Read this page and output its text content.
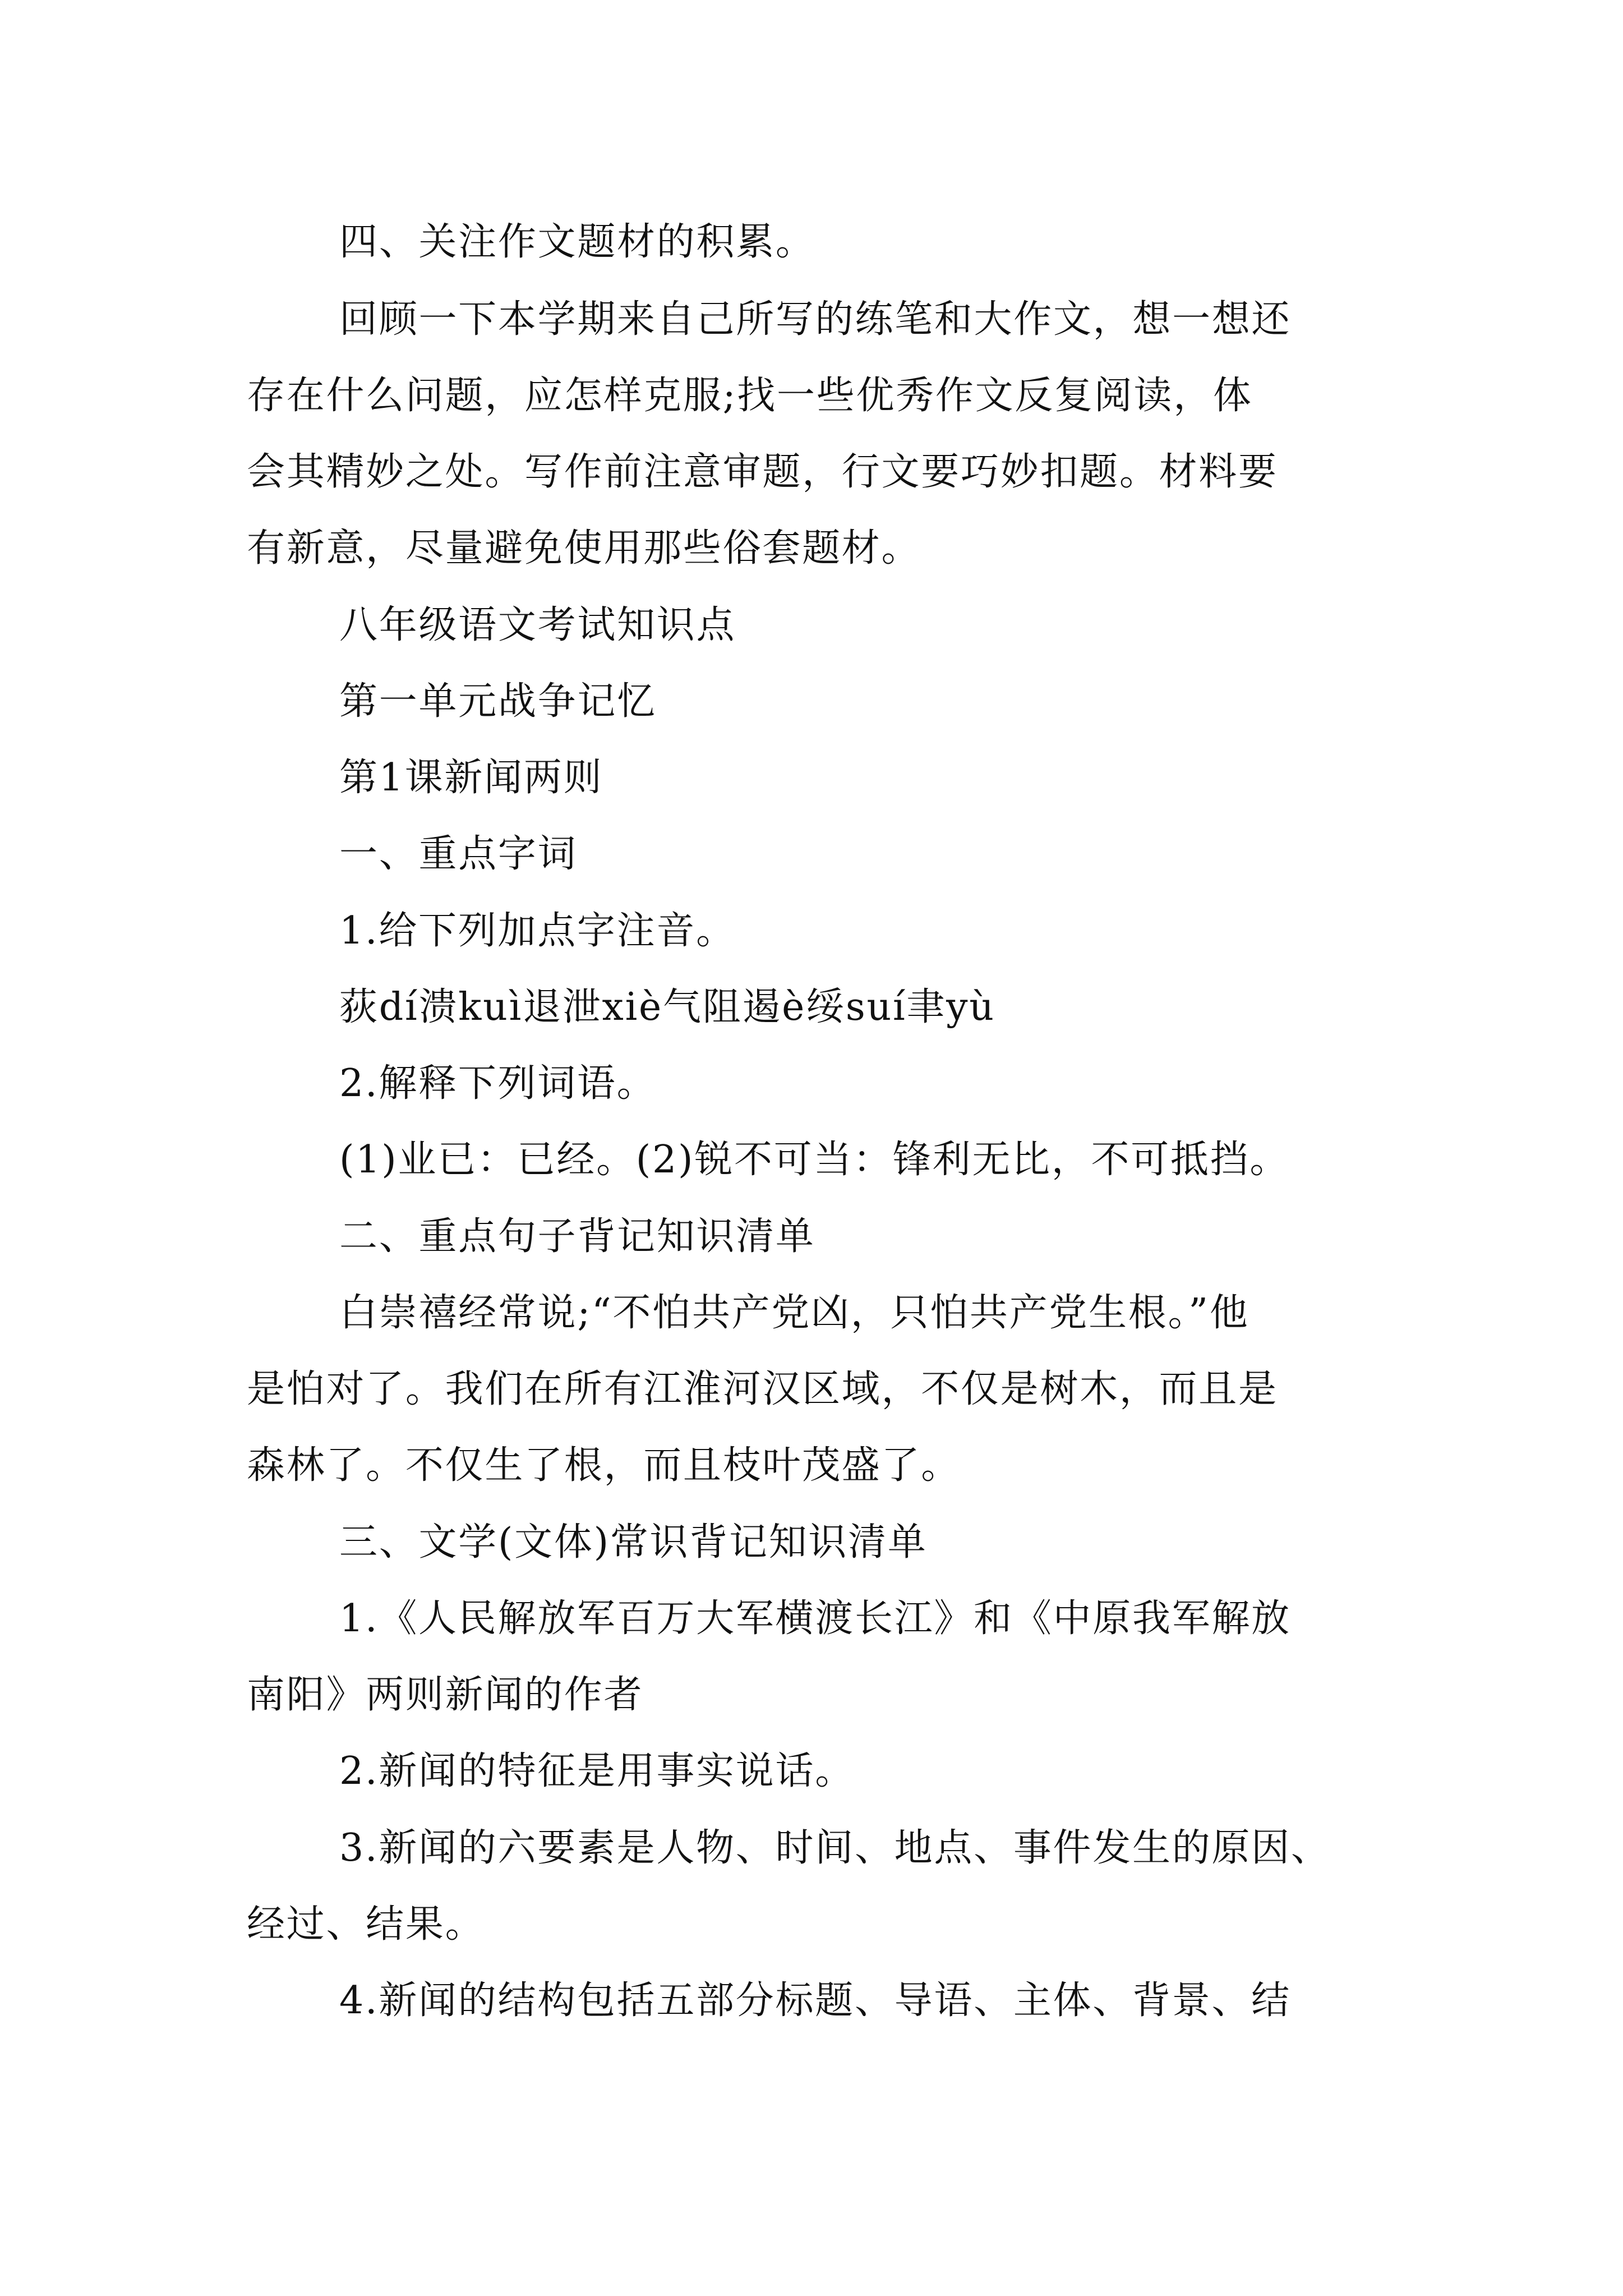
四、关注作文题材的积累。
回顾一下本学期来自己所写的练笔和大作文，想一想还
存在什么问题，应怎样克服;找一些优秀作文反复阅读，体
会其精妙之处。写作前注意审题，行文要巧妙扣题。材料要
有新意，尽量避免使用那些俗套题材。
八年级语文考试知识点
第一单元战争记忆
第1课新闻两则
一、重点字词
1.给下列加点字注音。
荻dí溃kuì退泄xiè气阻遏è绥suí聿yù
2.解释下列词语。
(1)业已：已经。(2)锐不可当：锋利无比，不可抵挡。
二、重点句子背记知识清单
白崇禧经常说;“不怕共产党凶，只怕共产党生根。”他
是怕对了。我们在所有江淮河汉区域，不仅是树木，而且是
森林了。不仅生了根，而且枝叶茂盛了。
三、文学(文体)常识背记知识清单
1.《人民解放军百万大军横渡长江》和《中原我军解放
南阳》两则新闻的作者
2.新闻的特征是用事实说话。
3.新闻的六要素是人物、时间、地点、事件发生的原因、
经过、结果。
4.新闻的结构包括五部分标题、导语、主体、背景、结
